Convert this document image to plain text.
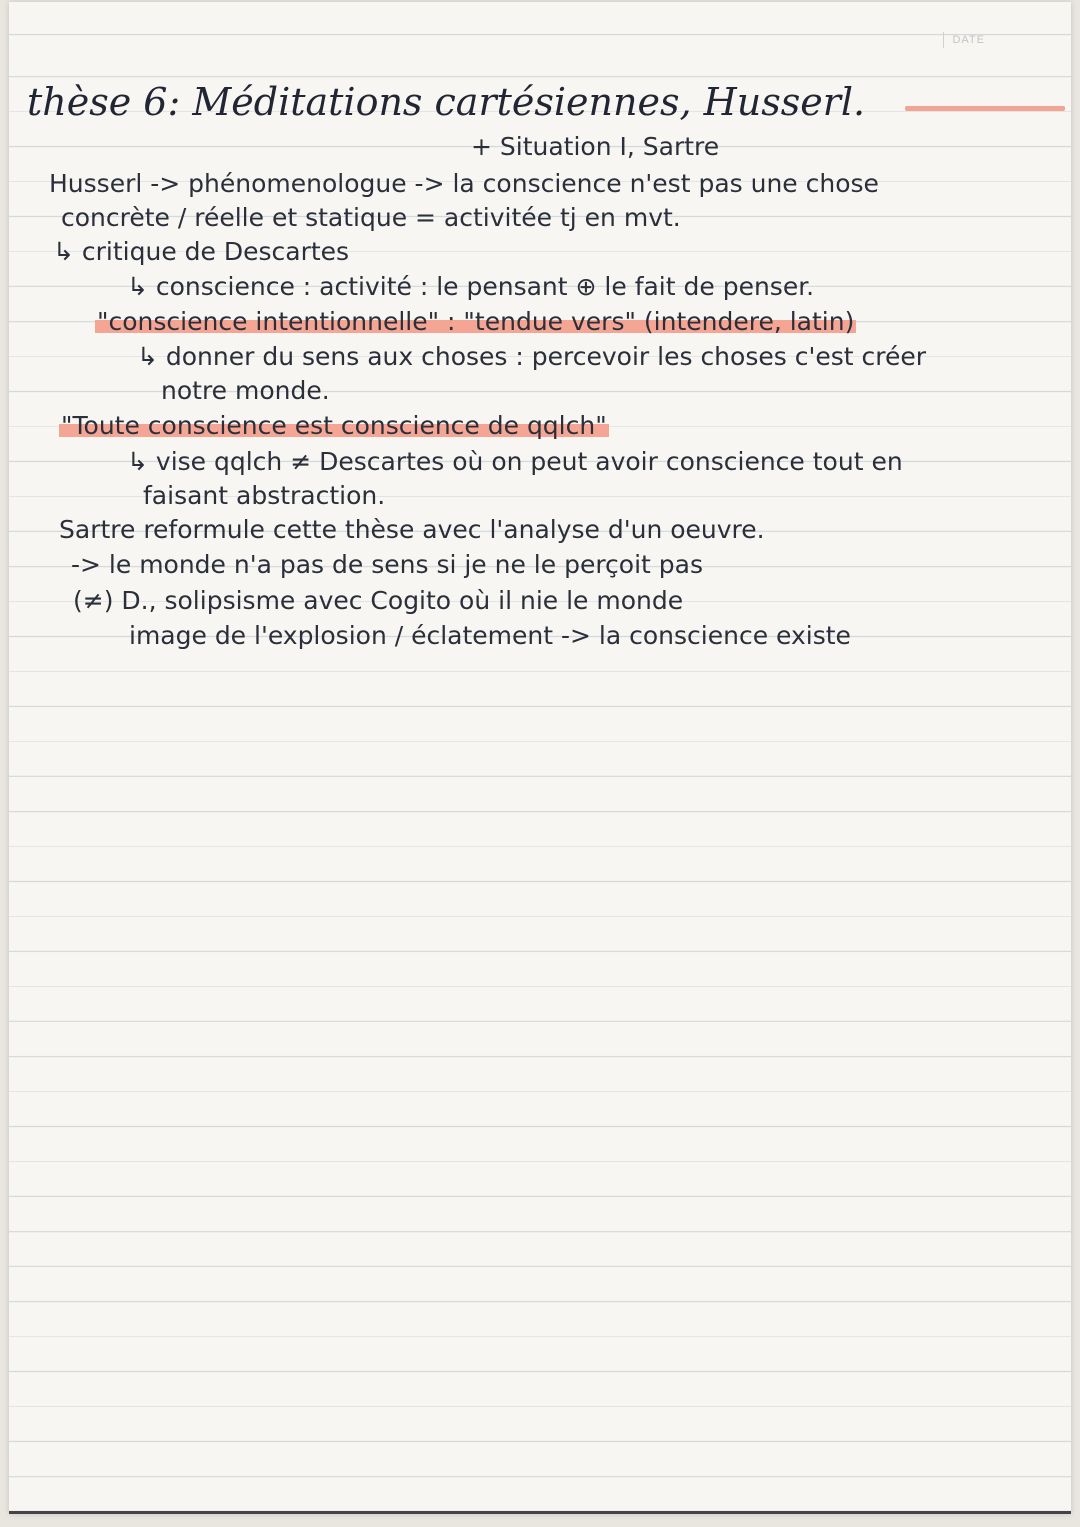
DATE
thèse 6: Méditations cartésiennes, Husserl.
+ Situation I, Sartre
Husserl -> phénomenologue -> la conscience n'est pas une chose
concrète / réelle et statique = activitée tj en mvt.
↳ critique de Descartes
↳ conscience : activité : le pensant ⊕ le fait de penser.
"conscience intentionnelle" : "tendue vers" (intendere, latin)
↳ donner du sens aux choses : percevoir les choses c'est créer
notre monde.
"Toute conscience est conscience de qqlch"
↳ vise qqlch ≠ Descartes où on peut avoir conscience tout en
faisant abstraction.
Sartre reformule cette thèse avec l'analyse d'un oeuvre.
-> le monde n'a pas de sens si je ne le perçoit pas
(≠) D., solipsisme avec Cogito où il nie le monde
image de l'explosion / éclatement -> la conscience existe
